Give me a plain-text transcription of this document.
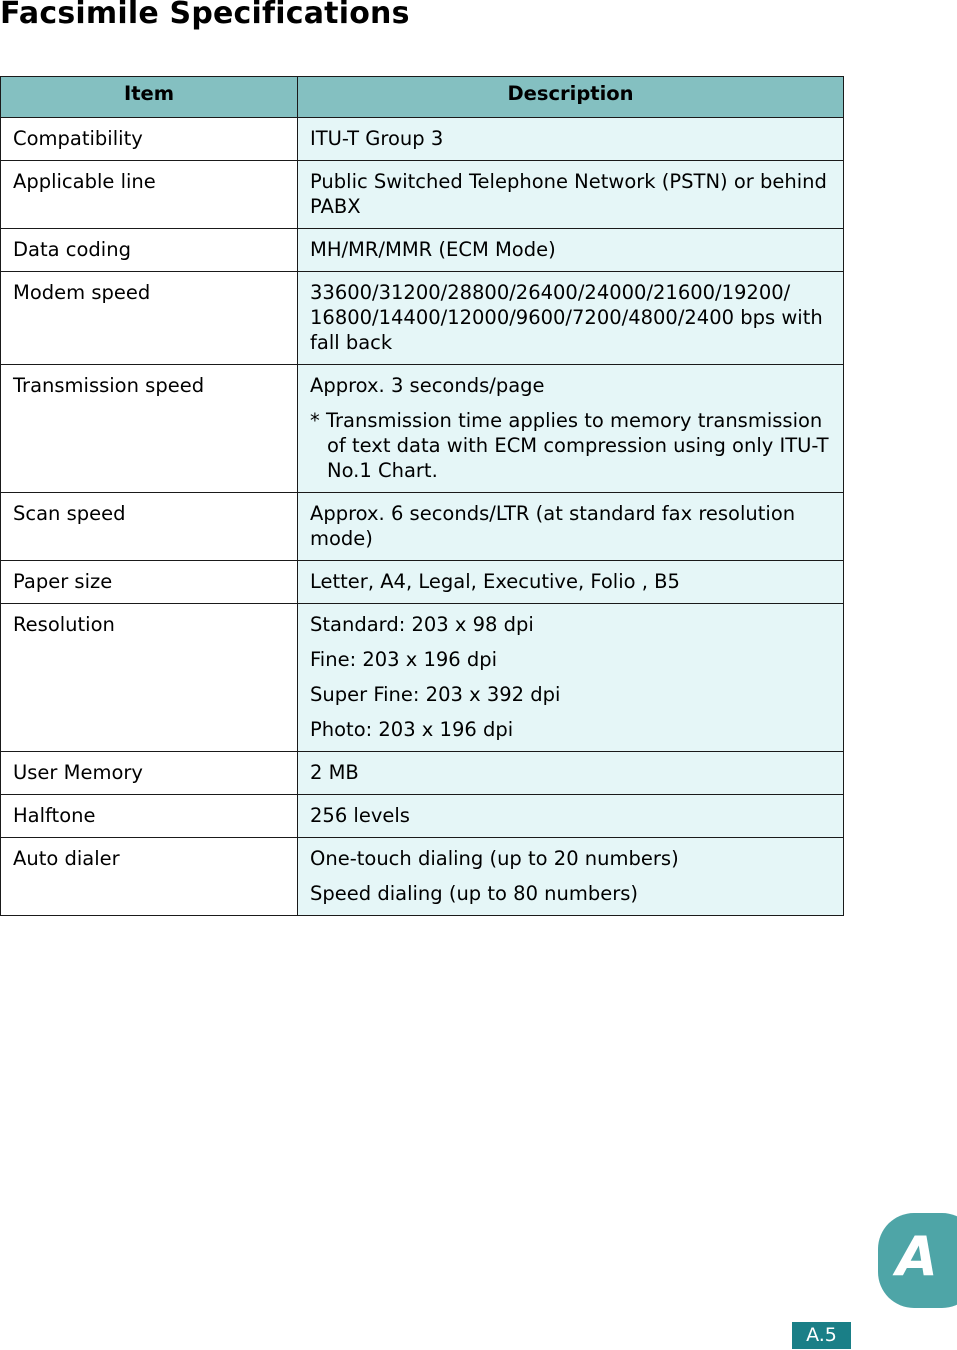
Facsimile Specifications
Item	Description
Compatibility	ITU-T Group 3

Applicable line	Public Switched Telephone Network (PSTN) or behind PABX

Data coding	MH/MR/MMR (ECM Mode)

Modem speed	33600/31200/28800/26400/24000/21600/19200/ 16800/14400/12000/9600/7200/4800/2400 bps with fall back

Transmission speed	Approx. 3 seconds/page
* Transmission time applies to memory transmission of text data with ECM compression using only ITU-T No.1 Chart.

Scan speed	Approx. 6 seconds/LTR (at standard fax resolution mode)

Paper size	Letter, A4, Legal, Executive, Folio , B5

Resolution	Standard: 203 x 98 dpi
Fine: 203 x 196 dpi
Super Fine: 203 x 392 dpi
Photo: 203 x 196 dpi

User Memory	2 MB

Halftone	256 levels

Auto dialer	One-touch dialing (up to 20 numbers)
Speed dialing (up to 80 numbers)
A
A.5
